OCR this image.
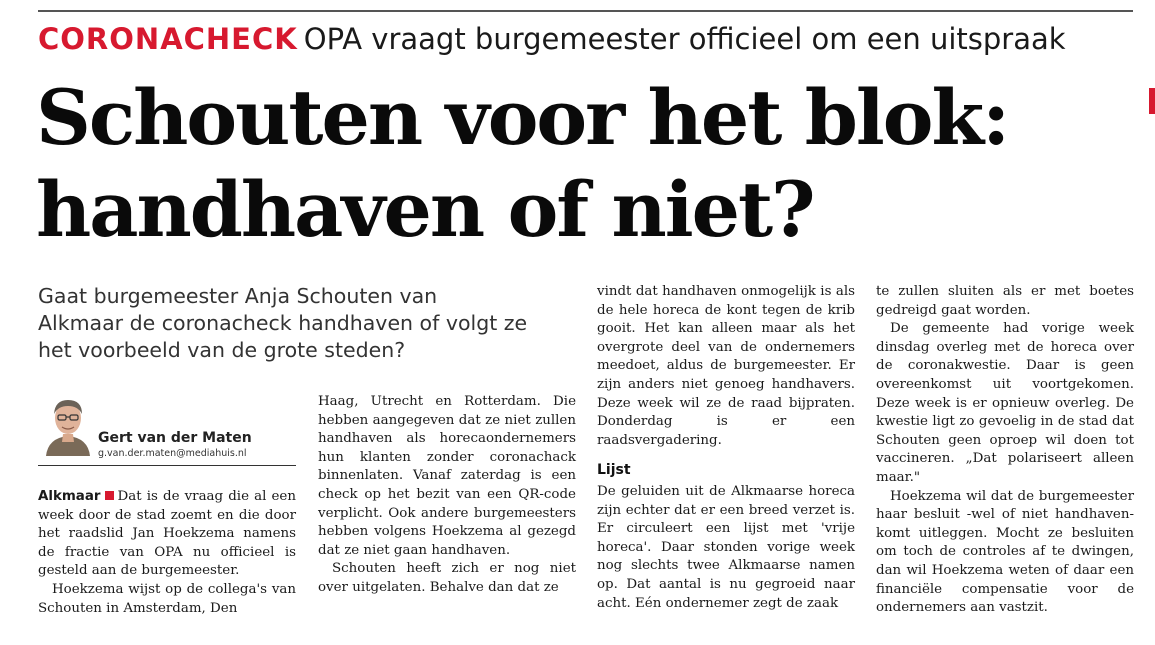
CORONACHECK OPA vraagt burgemeester officieel om een uitspraak
Schouten voor het blok:
handhaven of niet?

Gaat burgemeester Anja Schouten van Alkmaar de coronacheck handhaven of volgt ze het voorbeeld van de grote steden?

Gert van der Maten
g.van.der.maten@mediahuis.nl

Alkmaar Dat is de vraag die al een week door de stad zoemt en die door het raadslid Jan Hoekzema namens de fractie van OPA nu officieel is gesteld aan de burgemeester.

Hoekzema wijst op de collega's van Schouten in Amsterdam, Den

Haag, Utrecht en Rotterdam. Die hebben aangegeven dat ze niet zullen handhaven als horecaondernemers hun klanten zonder coronachack binnenlaten. Vanaf zaterdag is een check op het bezit van een QR-code verplicht. Ook andere burgemeesters hebben volgens Hoekzema al gezegd dat ze niet gaan handhaven.

Schouten heeft zich er nog niet over uitgelaten. Behalve dan dat ze

vindt dat handhaven onmogelijk is als de hele horeca de kont tegen de krib gooit. Het kan alleen maar als het overgrote deel van de ondernemers meedoet, aldus de burgemeester. Er zijn anders niet genoeg handhavers. Deze week wil ze de raad bijpraten. Donderdag is er een raadsvergadering.

Lijst

De geluiden uit de Alkmaarse horeca zijn echter dat er een breed verzet is. Er circuleert een lijst met 'vrije horeca'. Daar stonden vorige week nog slechts twee Alkmaarse namen op. Dat aantal is nu gegroeid naar acht. Eén ondernemer zegt de zaak

te zullen sluiten als er met boetes gedreigd gaat worden.

De gemeente had vorige week dinsdag overleg met de horeca over de coronakwestie. Daar is geen overeenkomst uit voortgekomen. Deze week is er opnieuw overleg. De kwestie ligt zo gevoelig in de stad dat Schouten geen oproep wil doen tot vaccineren. „Dat polariseert alleen maar."

Hoekzema wil dat de burgemeester haar besluit -wel of niet handhaven- komt uitleggen. Mocht ze besluiten om toch de controles af te dwingen, dan wil Hoekzema weten of daar een financiële compensatie voor de ondernemers aan vastzit.
